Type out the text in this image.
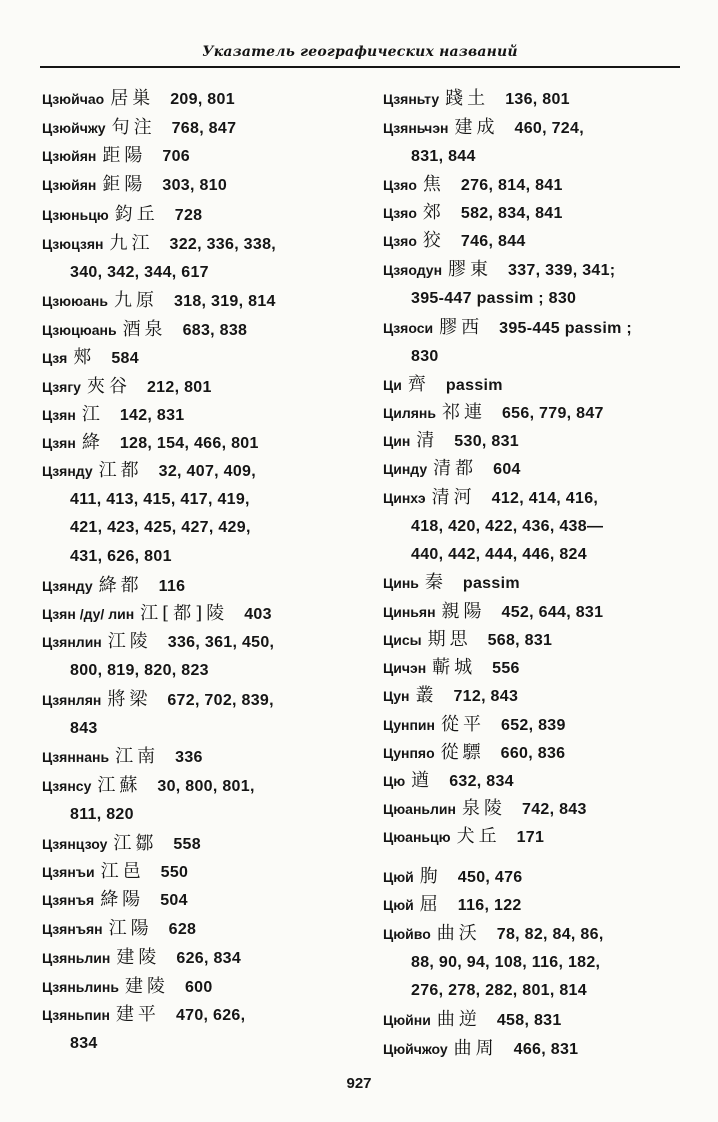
Указатель географических названий
Цзюйчао 居巣 209, 801
Цзюйчжу 句注 768, 847
Цзюйян 距陽 706
Цзюйян 鉅陽 303, 810
Цзюньцю 鈞丘 728
Цзюцзян 九江 322, 336, 338,
340, 342, 344, 617
Цзююань 九原 318, 319, 814
Цзюцюань 酒泉 683, 838
Цзя 郟 584
Цзягу 夾谷 212, 801
Цзян 江 142, 831
Цзян 絳 128, 154, 466, 801
Цзянду 江都 32, 407, 409,
411, 413, 415, 417, 419,
421, 423, 425, 427, 429,
431, 626, 801
Цзянду 絳都 116
Цзян /ду/ лин 江[都]陵 403
Цзянлин 江陵 336, 361, 450,
800, 819, 820, 823
Цзянлян 將梁 672, 702, 839,
843
Цзяннань 江南 336
Цзянсу 江蘇 30, 800, 801,
811, 820
Цзянцзоу 江鄒 558
Цзянъи 江邑 550
Цзянъя 絳陽 504
Цзянъян 江陽 628
Цзяньлин 建陵 626, 834
Цзяньлинь 建陵 600
Цзяньпин 建平 470, 626,
834
Цзяньту 踐土 136, 801
Цзяньчэн 建成 460, 724,
831, 844
Цзяо 焦 276, 814, 841
Цзяо 郊 582, 834, 841
Цзяо 狡 746, 844
Цзяодун 膠東 337, 339, 341;
395-447 passim ; 830
Цзяоси 膠西 395-445 passim ;
830
Ци 齊 passim
Цилянь 祁連 656, 779, 847
Цин 清 530, 831
Цинду 清都 604
Цинхэ 清河 412, 414, 416,
418, 420, 422, 436, 438—
440, 442, 444, 446, 824
Цинь 秦 passim
Циньян 親陽 452, 644, 831
Цисы 期思 568, 831
Цичэн 蘄城 556
Цун 叢 712, 843
Цунпин 從平 652, 839
Цунпяо 從驃 660, 836
Цю 遒 632, 834
Цюаньлин 泉陵 742, 843
Цюаньцю 犬丘 171
Цюй 朐 450, 476
Цюй 屈 116, 122
Цюйво 曲沃 78, 82, 84, 86,
88, 90, 94, 108, 116, 182,
276, 278, 282, 801, 814
Цюйни 曲逆 458, 831
Цюйчжоу 曲周 466, 831
927
